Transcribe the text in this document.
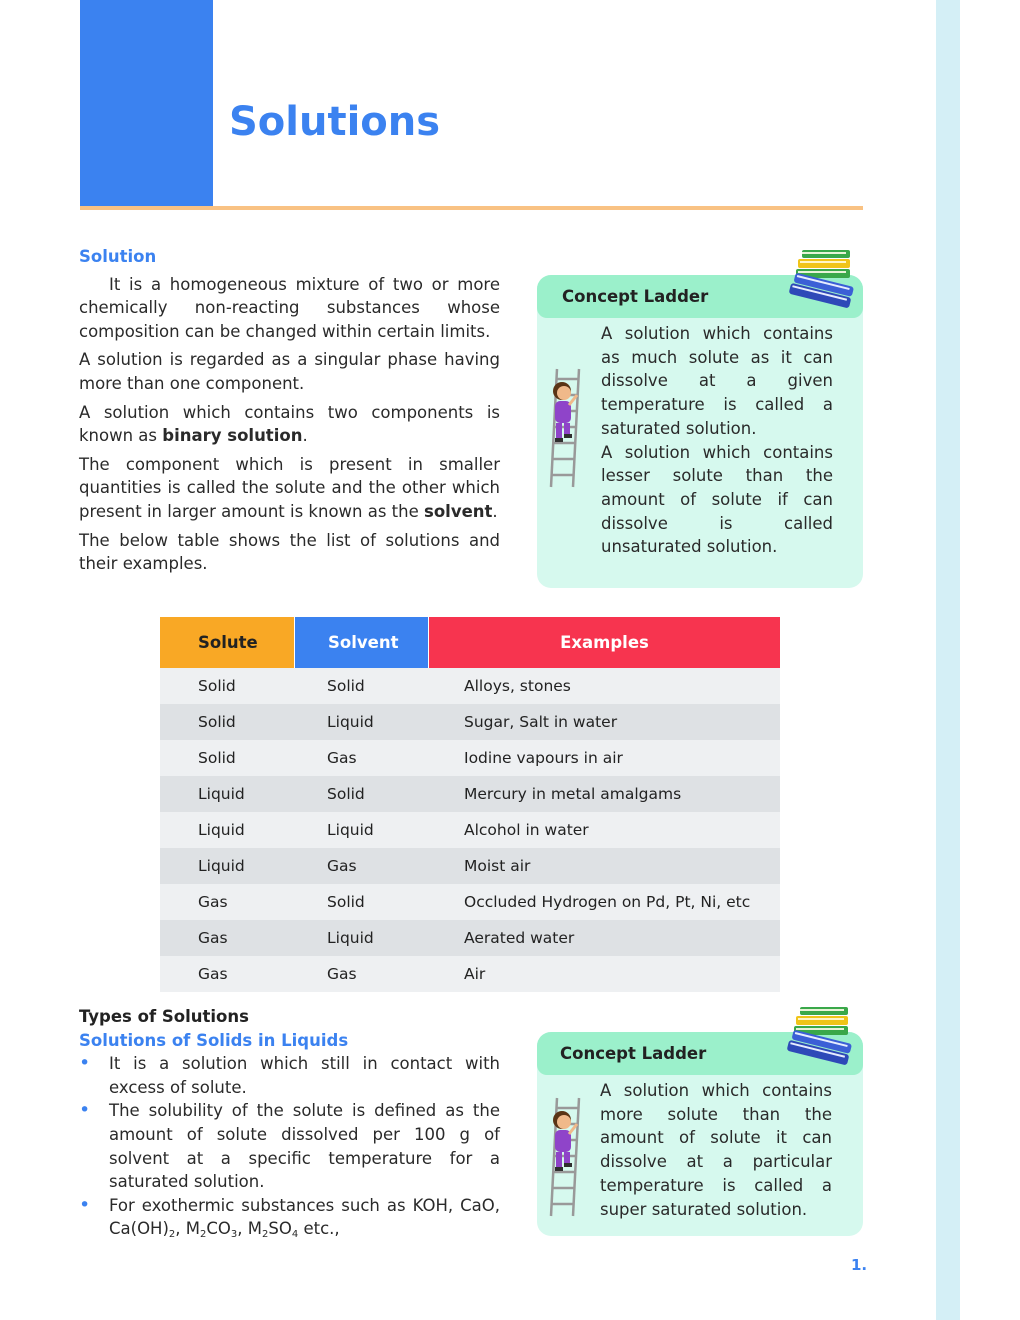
Solutions
Solution

It is a homogeneous mixture of two or more chemically non-reacting substances whose composition can be changed within certain limits.

A solution is regarded as a singular phase having more than one component.

A solution which contains two components is known as binary solution.

The component which is present in smaller quantities is called the solute and the other which present in larger amount is known as the solvent.

The below table shows the list of solutions and their examples.

Concept Ladder

A solution which contains as much solute as it can dissolve at a given temperature is called a saturated solution.

A solution which contains lesser solute than the amount of solute if can dissolve is called unsaturated solution.

Solute	Solvent	Examples
Solid	Solid	Alloys, stones
Solid	Liquid	Sugar, Salt in water
Solid	Gas	Iodine vapours in air
Liquid	Solid	Mercury in metal amalgams
Liquid	Liquid	Alcohol in water
Liquid	Gas	Moist air
Gas	Solid	Occluded Hydrogen on Pd, Pt, Ni, etc
Gas	Liquid	Aerated water
Gas	Gas	Air
Types of Solutions
Solutions of Solids in Liquids
• It is a solution which still in contact with excess of solute.
• The solubility of the solute is defined as the amount of solute dissolved per 100 g of solvent at a specific temperature for a saturated solution.
• For exothermic substances such as KOH, CaO, $Ca(OH)_2$, $M_2CO_3$, $M_2SO_4$ etc.,
Concept Ladder

A solution which contains more solute than the amount of solute it can dissolve at a particular temperature is called a super saturated solution.

1.
